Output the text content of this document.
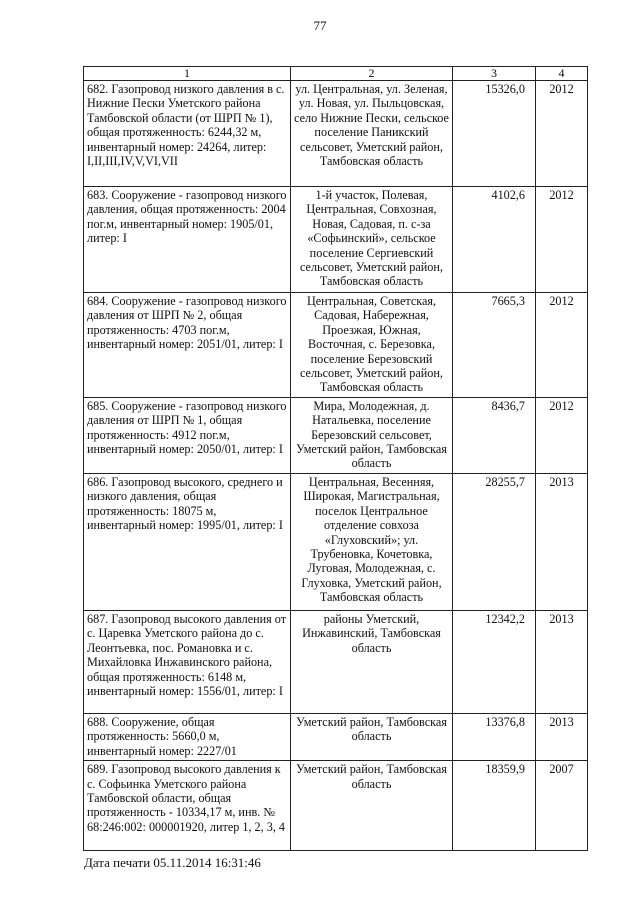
77
1	2	3	4
682. Газопровод низкого давления в с. Нижние Пески Уметского района Тамбовской области (от ШРП № 1), общая протяженность: 6244,32 м, инвентарный номер: 24264, литер: I,II,III,IV,V,VI,VII	ул. Центральная, ул. Зеленая, ул. Новая, ул. Пыльцовская, село Нижние Пески, сельское поселение Паникский сельсовет, Уметский район, Тамбовская область	15326,0	2012
683. Сооружение - газопровод низкого давления, общая протяженность: 2004 пог.м, инвентарный номер: 1905/01, литер: I	1-й участок, Полевая, Центральная, Совхозная, Новая, Садовая, п. с-за «Софьинский», сельское поселение Сергиевский сельсовет, Уметский район, Тамбовская область	4102,6	2012
684. Сооружение - газопровод низкого давления от ШРП № 2, общая протяженность: 4703 пог.м, инвентарный номер: 2051/01, литер: I	Центральная, Советская, Садовая, Набережная, Проезжая, Южная, Восточная, с. Березовка, поселение Березовский сельсовет, Уметский район, Тамбовская область	7665,3	2012
685. Сооружение - газопровод низкого давления от ШРП № 1, общая протяженность: 4912 пог.м, инвентарный номер: 2050/01, литер: I	Мира, Молодежная, д. Натальевка, поселение Березовский сельсовет, Уметский район, Тамбовская область	8436,7	2012
686. Газопровод высокого, среднего и низкого давления, общая протяженность: 18075 м, инвентарный номер: 1995/01, литер: I	Центральная, Весенняя, Широкая, Магистральная, поселок Центральное отделение совхоза «Глуховский»; ул. Трубеновка, Кочетовка, Луговая, Молодежная, с. Глуховка, Уметский район, Тамбовская область	28255,7	2013
687. Газопровод высокого давления от с. Царевка Уметского района до с. Леонтьевка, пос. Романовка и с. Михайловка Инжавинского района, общая протяженность: 6148 м, инвентарный номер: 1556/01, литер: I	районы Уметский, Инжавинский, Тамбовская область	12342,2	2013
688. Сооружение, общая протяженность: 5660,0 м, инвентарный номер: 2227/01	Уметский район, Тамбовская область	13376,8	2013
689. Газопровод высокого давления к с. Софьинка Уметского района Тамбовской области, общая протяженность - 10334,17 м, инв. № 68:246:002: 000001920, литер 1, 2, 3, 4	Уметский район, Тамбовская область	18359,9	2007
Дата печати 05.11.2014 16:31:46
